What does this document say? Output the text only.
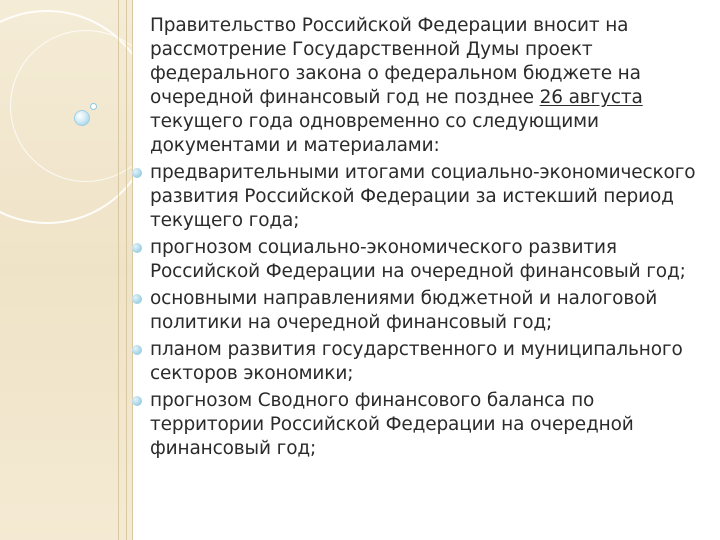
Правительство Российской Федерации вносит на рассмотрение Государственной Думы проект федерального закона о федеральном бюджете на очередной финансовый год не позднее 26 августа текущего года одновременно со следующими документами и материалами:

предварительными итогами социально-экономического развития Российской Федерации за истекший период текущего года;
прогнозом социально-экономического развития Российской Федерации на очередной финансовый год;
основными направлениями бюджетной и налоговой политики на очередной финансовый год;
планом развития государственного и муниципального секторов экономики;
прогнозом Сводного финансового баланса по территории Российской Федерации на очередной финансовый год;
